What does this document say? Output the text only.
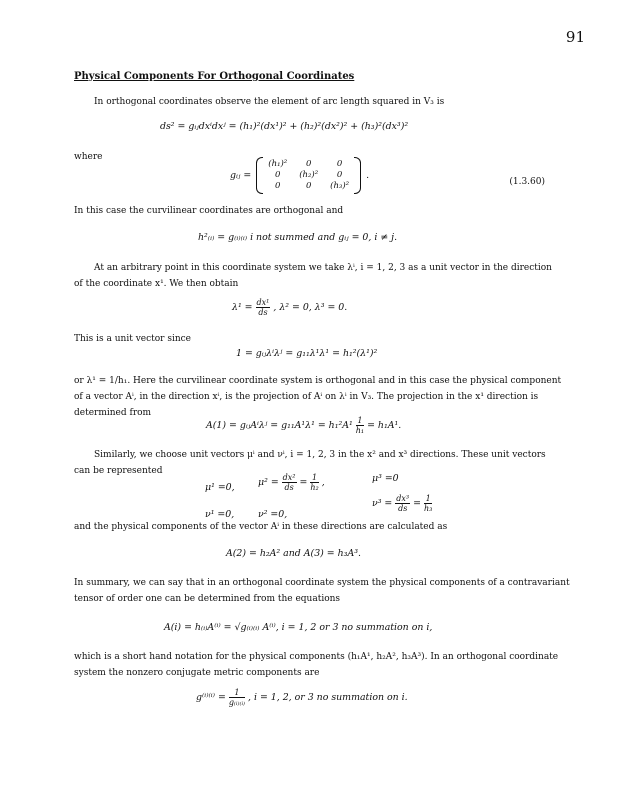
91
Physical Components For Orthogonal Coordinates
In orthogonal coordinates observe the element of arc length squared in V₃ is
ds² = gᵢⱼdxⁱdxʲ = (h₁)²(dx¹)² + (h₂)²(dx²)² + (h₃)²(dx³)²
where
gᵢⱼ =
(h₁)²	0	0
0	(h₂)²	0
0	0	(h₃)²
.
(1.3.60)
In this case the curvilinear coordinates are orthogonal and
h²₍ᵢ₎ = g₍ᵢ₎₍ᵢ₎ i not summed and gᵢⱼ = 0, i ≠ j.
At an arbitrary point in this coordinate system we take λⁱ, i = 1, 2, 3 as a unit vector in the direction
of the coordinate x¹. We then obtain
$\lambda^1 = \frac{\text{dx¹}}{ds}$ , λ² = 0, λ³ = 0.
This is a unit vector since
1 = gᵢⱼλⁱλʲ = g₁₁λ¹λ¹ = h₁²(λ¹)²
or λ¹ = 1/h₁. Here the curvilinear coordinate system is orthogonal and in this case the physical component
of a vector Aⁱ, in the direction xⁱ, is the projection of Aⁱ on λⁱ in V₃. The projection in the x¹ direction is
determined from
A(1) = gᵢⱼAⁱλʲ = $g_{11}A^1\lambda^1 = h_1^2A^1 \frac{1}{\text{h₁}} = h_1A^1$.
Similarly, we choose unit vectors μⁱ and νⁱ, i = 1, 2, 3 in the x² and x³ directions. These unit vectors
can be represented
μ¹ =0, $\mu^2 = \frac{\text{dx²}}{ds} = \frac{1}{\text{h₂}}$ ,	μ³ =0
ν¹ =0,	ν² =0,
$\nu^3 = \frac{\text{dx³}}{ds} = \frac{1}{\text{h₃}}$
and the physical components of the vector Aⁱ in these directions are calculated as
A(2) = h₂A² and A(3) = h₃A³.
In summary, we can say that in an orthogonal coordinate system the physical components of a contravariant
tensor of order one can be determined from the equations
A(i) = h₍ᵢ₎A⁽ⁱ⁾ = √g₍ᵢ₎₍ᵢ₎ A⁽ⁱ⁾, i = 1, 2 or 3 no summation on i,
which is a short hand notation for the physical components (h₁A¹, h₂A², h₃A³). In an orthogonal coordinate
system the nonzero conjugate metric components are
$g^{(i)(i)} = \frac{1}{\text{g₍ᵢ₎₍ᵢ₎}}$ , i = 1, 2, or 3 no summation on i.
